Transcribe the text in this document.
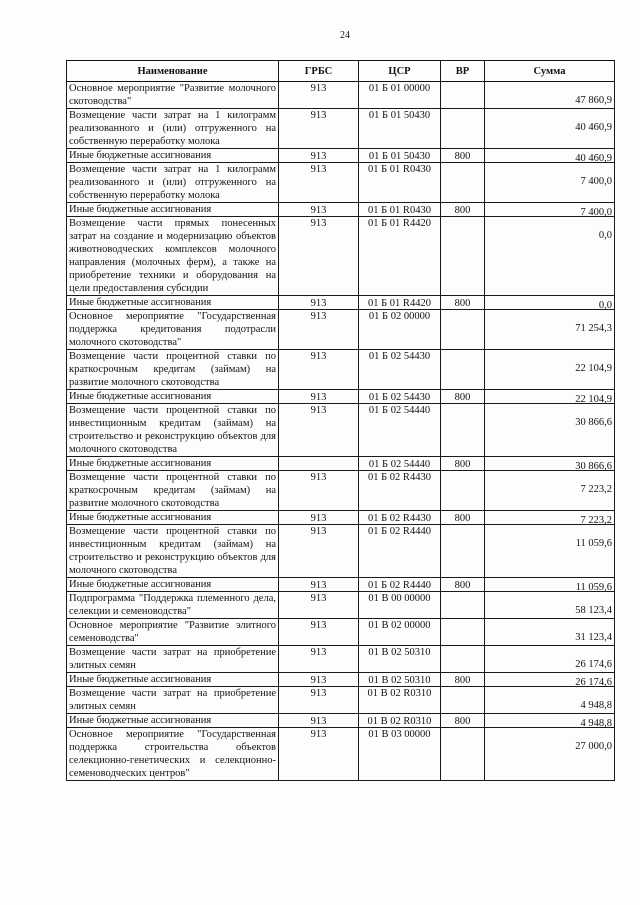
24
Наименование	ГРБС	ЦСР	ВР	Сумма
Основное мероприятие "Развитие молочного скотоводства"	913	01 Б 01 00000		47 860,9
Возмещение части затрат на 1 килограмм реализованного и (или) отгруженного на собственную переработку молока	913	01 Б 01 50430		40 460,9
Иные бюджетные ассигнования	913	01 Б 01 50430	800	40 460,9
Возмещение части затрат на 1 килограмм реализованного и (или) отгруженного на собственную переработку молока	913	01 Б 01 R0430		7 400,0
Иные бюджетные ассигнования	913	01 Б 01 R0430	800	7 400,0
Возмещение части прямых понесенных затрат на создание и модернизацию объектов животноводческих комплексов молочного направления (молочных ферм), а также на приобретение техники и оборудования на цели предоставления субсидии	913	01 Б 01 R4420		0,0
Иные бюджетные ассигнования	913	01 Б 01 R4420	800	0,0
Основное мероприятие "Государственная поддержка кредитования подотрасли молочного скотоводства"	913	01 Б 02 00000		71 254,3
Возмещение части процентной ставки по краткосрочным кредитам (займам) на развитие молочного скотоводства	913	01 Б 02 54430		22 104,9
Иные бюджетные ассигнования	913	01 Б 02 54430	800	22 104,9
Возмещение части процентной ставки по инвестиционным кредитам (займам) на строительство и реконструкцию объектов для молочного скотоводства	913	01 Б 02 54440		30 866,6
Иные бюджетные ассигнования		01 Б 02 54440	800	30 866,6
Возмещение части процентной ставки по краткосрочным кредитам (займам) на развитие молочного скотоводства	913	01 Б 02 R4430		7 223,2
Иные бюджетные ассигнования	913	01 Б 02 R4430	800	7 223,2
Возмещение части процентной ставки по инвестиционным кредитам (займам) на строительство и реконструкцию объектов для молочного скотоводства	913	01 Б 02 R4440		11 059,6
Иные бюджетные ассигнования	913	01 Б 02 R4440	800	11 059,6
Подпрограмма "Поддержка племенного дела, селекции и семеноводства"	913	01 В 00 00000		58 123,4
Основное мероприятие "Развитие элитного семеноводства"	913	01 В 02 00000		31 123,4
Возмещение части затрат на приобретение элитных семян	913	01 В 02 50310		26 174,6
Иные бюджетные ассигнования	913	01 В 02 50310	800	26 174,6
Возмещение части затрат на приобретение элитных семян	913	01 В 02 R0310		4 948,8
Иные бюджетные ассигнования	913	01 В 02 R0310	800	4 948,8
Основное мероприятие "Государственная поддержка строительства объектов селекционно-генетических и селекционно-семеноводческих центров"	913	01 В 03 00000		27 000,0
